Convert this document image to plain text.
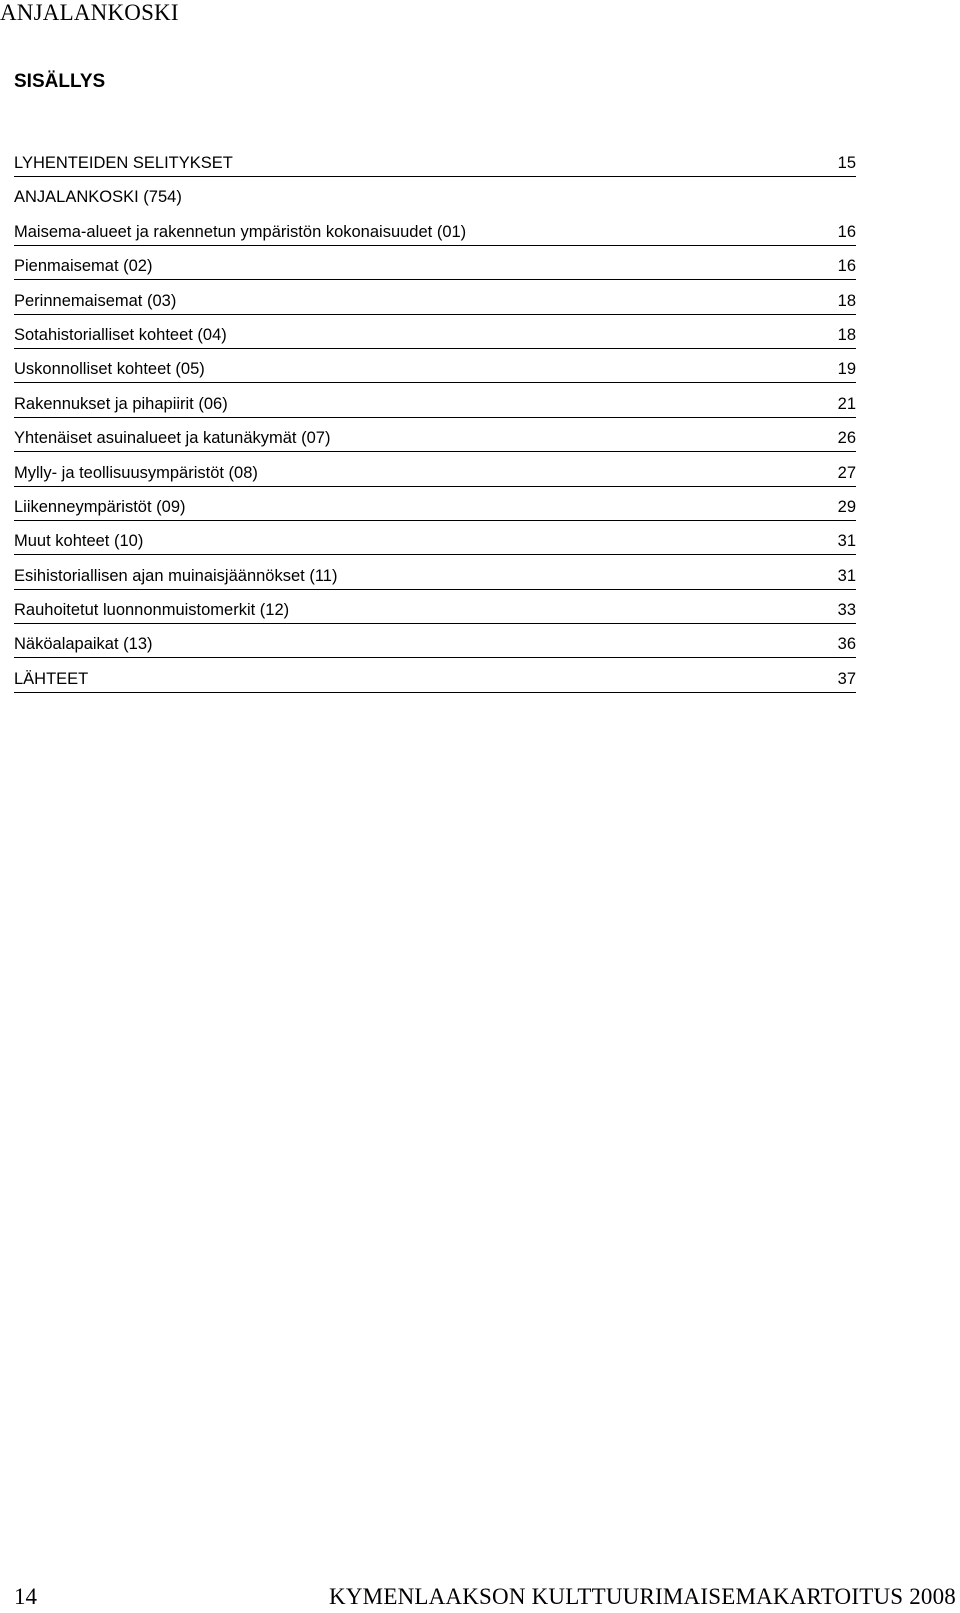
ANJALANKOSKI
SISÄLLYS
LYHENTEIDEN SELITYKSET	15
ANJALANKOSKI (754)
Maisema-alueet ja rakennetun ympäristön kokonaisuudet (01)	16
Pienmaisemat (02)	16
Perinnemaisemat (03)	18
Sotahistorialliset kohteet (04)	18
Uskonnolliset kohteet (05)	19
Rakennukset ja pihapiirit (06)	21
Yhtenäiset asuinalueet ja katunäkymät (07)	26
Mylly- ja teollisuusympäristöt (08)	27
Liikenneympäristöt (09)	29
Muut kohteet (10)	31
Esihistoriallisen ajan muinaisjäännökset (11)	31
Rauhoitetut luonnonmuistomerkit (12)	33
Näköalapaikat (13)	36
LÄHTEET	37
14	KYMENLAAKSON KULTTUURIMAISEMAKARTOITUS 2008
